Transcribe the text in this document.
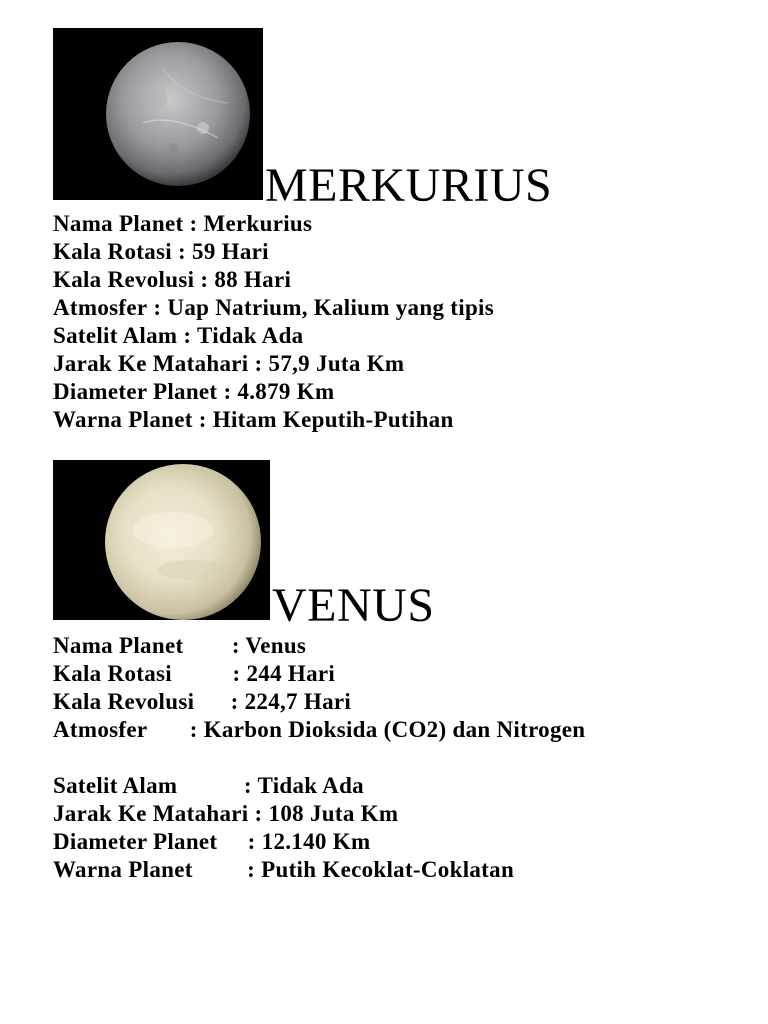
MERKURIUS
Nama Planet : Merkurius
Kala Rotasi : 59 Hari
Kala Revolusi : 88 Hari
Atmosfer : Uap Natrium, Kalium yang tipis
Satelit Alam : Tidak Ada
Jarak Ke Matahari : 57,9 Juta Km
Diameter Planet : 4.879 Km
Warna Planet : Hitam Keputih-Putihan
VENUS
Nama Planet        : Venus
Kala Rotasi          : 244 Hari
Kala Revolusi      : 224,7 Hari
Atmosfer       : Karbon Dioksida (CO2) dan Nitrogen
Satelit Alam           : Tidak Ada
Jarak Ke Matahari : 108 Juta Km
Diameter Planet     : 12.140 Km
Warna Planet         : Putih Kecoklat-Coklatan
